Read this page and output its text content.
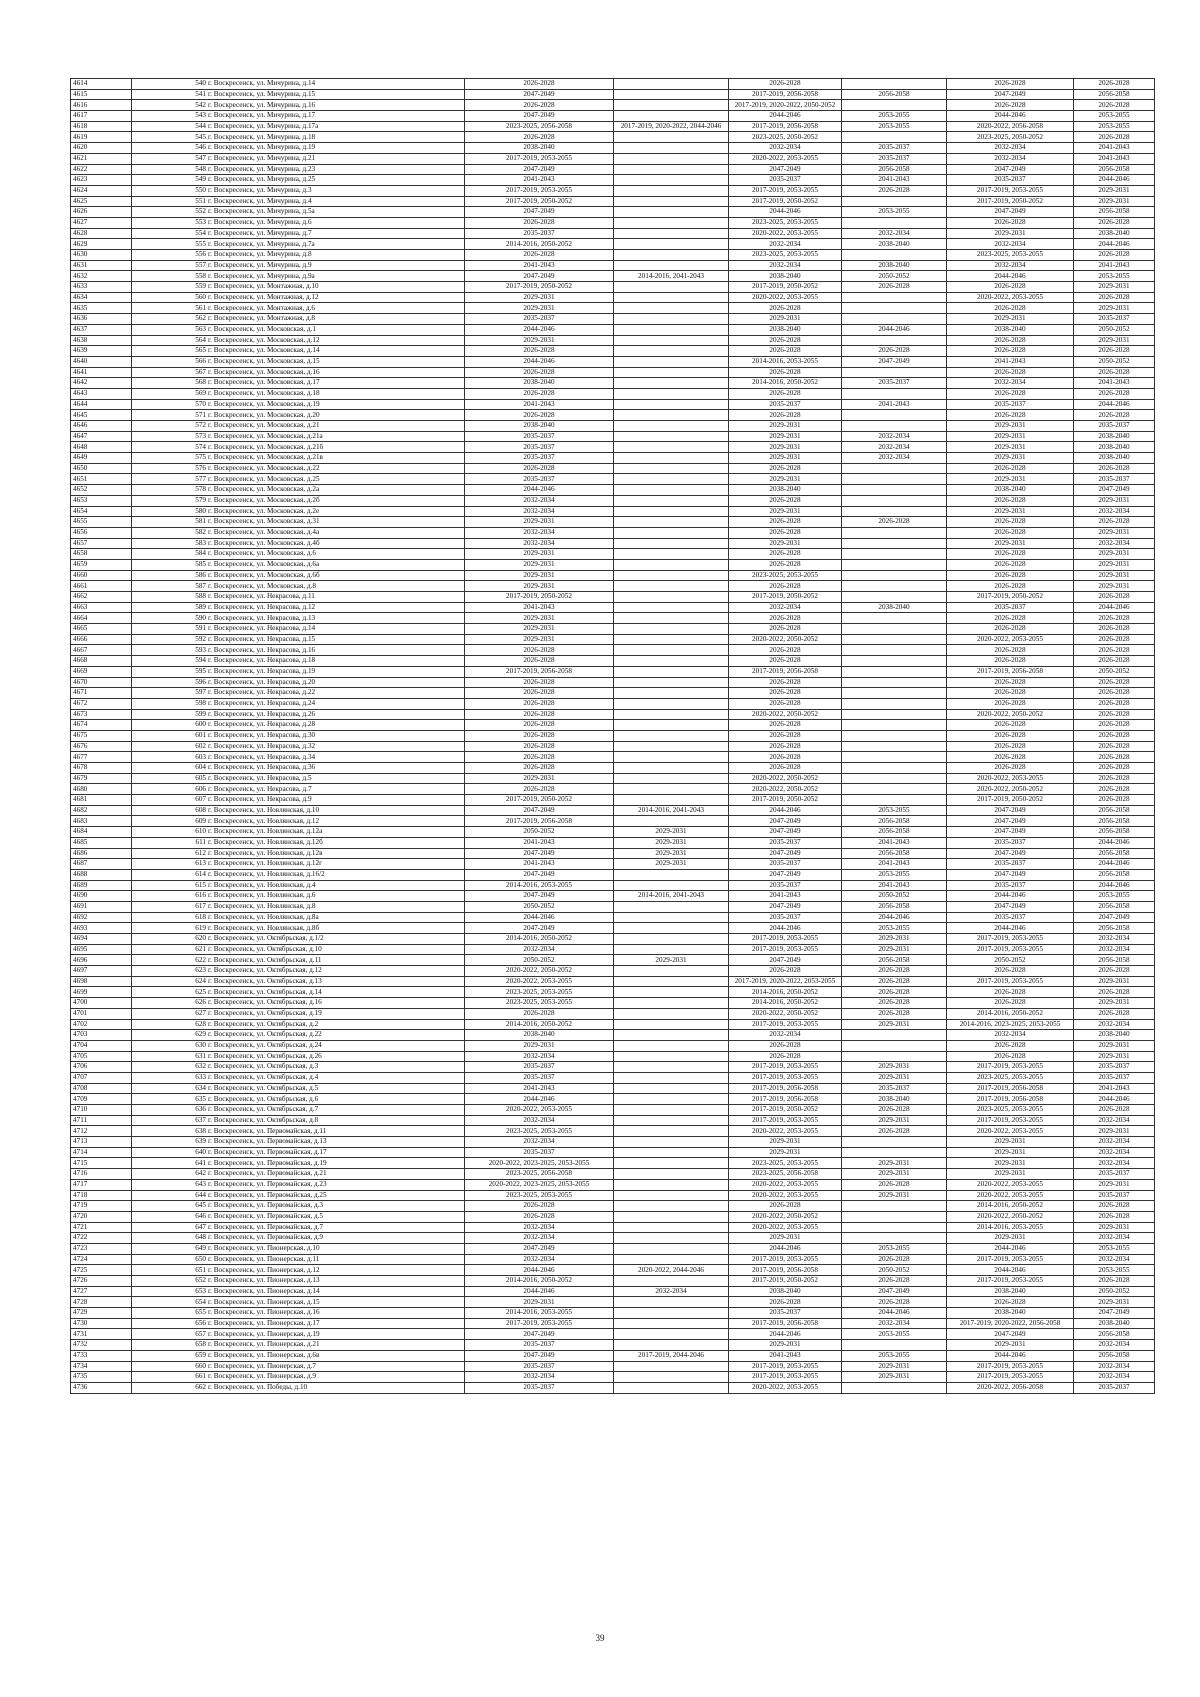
4614	540 г. Воскресенск, ул. Мичурина, д.14	2026-2028		2026-2028		2026-2028	2026-2028
4615	541 г. Воскресенск, ул. Мичурина, д.15	2047-2049		2017-2019, 2056-2058	2056-2058	2047-2049	2056-2058
4616	542 г. Воскресенск, ул. Мичурина, д.16	2026-2028		2017-2019, 2020-2022, 2050-2052		2026-2028	2026-2028
4617	543 г. Воскресенск, ул. Мичурина, д.17	2047-2049		2044-2046	2053-2055	2044-2046	2053-2055
4618	544 г. Воскресенск, ул. Мичурина, д.17а	2023-2025, 2056-2058	2017-2019, 2020-2022, 2044-2046	2017-2019, 2056-2058	2053-2055	2020-2022, 2056-2058	2053-2055
4619	545 г. Воскресенск, ул. Мичурина, д.18	2026-2028		2023-2025, 2050-2052		2023-2025, 2050-2052	2026-2028
4620	546 г. Воскресенск, ул. Мичурина, д.19	2038-2040		2032-2034	2035-2037	2032-2034	2041-2043
4621	547 г. Воскресенск, ул. Мичурина, д.21	2017-2019, 2053-2055		2020-2022, 2053-2055	2035-2037	2032-2034	2041-2043
4622	548 г. Воскресенск, ул. Мичурина, д.23	2047-2049		2047-2049	2056-2058	2047-2049	2056-2058
4623	549 г. Воскресенск, ул. Мичурина, д.25	2041-2043		2035-2037	2041-2043	2035-2037	2044-2046
4624	550 г. Воскресенск, ул. Мичурина, д.3	2017-2019, 2053-2055		2017-2019, 2053-2055	2026-2028	2017-2019, 2053-2055	2029-2031
4625	551 г. Воскресенск, ул. Мичурина, д.4	2017-2019, 2050-2052		2017-2019, 2050-2052		2017-2019, 2050-2052	2029-2031
4626	552 г. Воскресенск, ул. Мичурина, д.5а	2047-2049		2044-2046	2053-2055	2047-2049	2056-2058
4627	553 г. Воскресенск, ул. Мичурина, д.6	2026-2028		2023-2025, 2053-2055		2026-2028	2026-2028
4628	554 г. Воскресенск, ул. Мичурина, д.7	2035-2037		2020-2022, 2053-2055	2032-2034	2029-2031	2038-2040
4629	555 г. Воскресенск, ул. Мичурина, д.7а	2014-2016, 2050-2052		2032-2034	2038-2040	2032-2034	2044-2046
4630	556 г. Воскресенск, ул. Мичурина, д.8	2026-2028		2023-2025, 2053-2055		2023-2025, 2053-2055	2026-2028
4631	557 г. Воскресенск, ул. Мичурина, д.9	2041-2043		2032-2034	2038-2040	2032-2034	2041-2043
4632	558 г. Воскресенск, ул. Мичурина, д.9а	2047-2049	2014-2016, 2041-2043	2038-2040	2050-2052	2044-2046	2053-2055
4633	559 г. Воскресенск, ул. Монтажная, д.10	2017-2019, 2050-2052		2017-2019, 2050-2052	2026-2028	2026-2028	2029-2031
4634	560 г. Воскресенск, ул. Монтажная, д.12	2029-2031		2020-2022, 2053-2055		2020-2022, 2053-2055	2026-2028
4635	561 г. Воскресенск, ул. Монтажная, д.6	2029-2031		2026-2028		2026-2028	2029-2031
4636	562 г. Воскресенск, ул. Монтажная, д.8	2035-2037		2029-2031		2029-2031	2035-2037
4637	563 г. Воскресенск, ул. Московская, д.1	2044-2046		2038-2040	2044-2046	2038-2040	2050-2052
4638	564 г. Воскресенск, ул. Московская, д.12	2029-2031		2026-2028		2026-2028	2029-2031
4639	565 г. Воскресенск, ул. Московская, д.14	2026-2028		2026-2028	2026-2028	2026-2028	2026-2028
4640	566 г. Воскресенск, ул. Московская, д.15	2044-2046		2014-2016, 2053-2055	2047-2049	2041-2043	2050-2052
4641	567 г. Воскресенск, ул. Московская, д.16	2026-2028		2026-2028		2026-2028	2026-2028
4642	568 г. Воскресенск, ул. Московская, д.17	2038-2040		2014-2016, 2050-2052	2035-2037	2032-2034	2041-2043
4643	569 г. Воскресенск, ул. Московская, д.18	2026-2028		2026-2028		2026-2028	2026-2028
4644	570 г. Воскресенск, ул. Московская, д.19	2041-2043		2035-2037	2041-2043	2035-2037	2044-2046
4645	571 г. Воскресенск, ул. Московская, д.20	2026-2028		2026-2028		2026-2028	2026-2028
4646	572 г. Воскресенск, ул. Московская, д.21	2038-2040		2029-2031		2029-2031	2035-2037
4647	573 г. Воскресенск, ул. Московская, д.21а	2035-2037		2029-2031	2032-2034	2029-2031	2038-2040
4648	574 г. Воскресенск, ул. Московская, д.21б	2035-2037		2029-2031	2032-2034	2029-2031	2038-2040
4649	575 г. Воскресенск, ул. Московская, д.21в	2035-2037		2029-2031	2032-2034	2029-2031	2038-2040
4650	576 г. Воскресенск, ул. Московская, д.22	2026-2028		2026-2028		2026-2028	2026-2028
4651	577 г. Воскресенск, ул. Московская, д.25	2035-2037		2029-2031		2029-2031	2035-2037
4652	578 г. Воскресенск, ул. Московская, д.2а	2044-2046		2038-2040		2038-2040	2047-2049
4653	579 г. Воскресенск, ул. Московская, д.2б	2032-2034		2026-2028		2026-2028	2029-2031
4654	580 г. Воскресенск, ул. Московская, д.2е	2032-2034		2029-2031		2029-2031	2032-2034
4655	581 г. Воскресенск, ул. Московская, д.31	2029-2031		2026-2028	2026-2028	2026-2028	2026-2028
4656	582 г. Воскресенск, ул. Московская, д.4а	2032-2034		2026-2028		2026-2028	2029-2031
4657	583 г. Воскресенск, ул. Московская, д.4б	2032-2034		2029-2031		2029-2031	2032-2034
4658	584 г. Воскресенск, ул. Московская, д.6	2029-2031		2026-2028		2026-2028	2029-2031
4659	585 г. Воскресенск, ул. Московская, д.6а	2029-2031		2026-2028		2026-2028	2029-2031
4660	586 г. Воскресенск, ул. Московская, д.6б	2029-2031		2023-2025, 2053-2055		2026-2028	2029-2031
4661	587 г. Воскресенск, ул. Московская, д.8	2029-2031		2026-2028		2026-2028	2029-2031
4662	588 г. Воскресенск, ул. Некрасова, д.11	2017-2019, 2050-2052		2017-2019, 2050-2052		2017-2019, 2050-2052	2026-2028
4663	589 г. Воскресенск, ул. Некрасова, д.12	2041-2043		2032-2034	2038-2040	2035-2037	2044-2046
4664	590 г. Воскресенск, ул. Некрасова, д.13	2029-2031		2026-2028		2026-2028	2026-2028
4665	591 г. Воскресенск, ул. Некрасова, д.14	2029-2031		2026-2028		2026-2028	2026-2028
4666	592 г. Воскресенск, ул. Некрасова, д.15	2029-2031		2020-2022, 2050-2052		2020-2022, 2053-2055	2026-2028
4667	593 г. Воскресенск, ул. Некрасова, д.16	2026-2028		2026-2028		2026-2028	2026-2028
4668	594 г. Воскресенск, ул. Некрасова, д.18	2026-2028		2026-2028		2026-2028	2026-2028
4669	595 г. Воскресенск, ул. Некрасова, д.19	2017-2019, 2056-2058		2017-2019, 2056-2058		2017-2019, 2056-2058	2050-2052
4670	596 г. Воскресенск, ул. Некрасова, д.20	2026-2028		2026-2028		2026-2028	2026-2028
4671	597 г. Воскресенск, ул. Некрасова, д.22	2026-2028		2026-2028		2026-2028	2026-2028
4672	598 г. Воскресенск, ул. Некрасова, д.24	2026-2028		2026-2028		2026-2028	2026-2028
4673	599 г. Воскресенск, ул. Некрасова, д.26	2026-2028		2020-2022, 2050-2052		2020-2022, 2050-2052	2026-2028
4674	600 г. Воскресенск, ул. Некрасова, д.28	2026-2028		2026-2028		2026-2028	2026-2028
4675	601 г. Воскресенск, ул. Некрасова, д.30	2026-2028		2026-2028		2026-2028	2026-2028
4676	602 г. Воскресенск, ул. Некрасова, д.32	2026-2028		2026-2028		2026-2028	2026-2028
4677	603 г. Воскресенск, ул. Некрасова, д.34	2026-2028		2026-2028		2026-2028	2026-2028
4678	604 г. Воскресенск, ул. Некрасова, д.36	2026-2028		2026-2028		2026-2028	2026-2028
4679	605 г. Воскресенск, ул. Некрасова, д.5	2029-2031		2020-2022, 2050-2052		2020-2022, 2053-2055	2026-2028
4680	606 г. Воскресенск, ул. Некрасова, д.7	2026-2028		2020-2022, 2050-2052		2020-2022, 2050-2052	2026-2028
4681	607 г. Воскресенск, ул. Некрасова, д.9	2017-2019, 2050-2052		2017-2019, 2050-2052		2017-2019, 2050-2052	2026-2028
4682	608 г. Воскресенск, ул. Новлянская, д.10	2047-2049	2014-2016, 2041-2043	2044-2046	2053-2055	2047-2049	2056-2058
4683	609 г. Воскресенск, ул. Новлянская, д.12	2017-2019, 2056-2058		2047-2049	2056-2058	2047-2049	2056-2058
4684	610 г. Воскресенск, ул. Новлянская, д.12а	2050-2052	2029-2031	2047-2049	2056-2058	2047-2049	2056-2058
4685	611 г. Воскресенск, ул. Новлянская, д.12б	2041-2043	2029-2031	2035-2037	2041-2043	2035-2037	2044-2046
4686	612 г. Воскресенск, ул. Новлянская, д.12в	2047-2049	2029-2031	2047-2049	2056-2058	2047-2049	2056-2058
4687	613 г. Воскресенск, ул. Новлянская, д.12г	2041-2043	2029-2031	2035-2037	2041-2043	2035-2037	2044-2046
4688	614 г. Воскресенск, ул. Новлянская, д.16/2	2047-2049		2047-2049	2053-2055	2047-2049	2056-2058
4689	615 г. Воскресенск, ул. Новлянская, д.4	2014-2016, 2053-2055		2035-2037	2041-2043	2035-2037	2044-2046
4690	616 г. Воскресенск, ул. Новлянская, д.6	2047-2049	2014-2016, 2041-2043	2041-2043	2050-2052	2044-2046	2053-2055
4691	617 г. Воскресенск, ул. Новлянская, д.8	2050-2052		2047-2049	2056-2058	2047-2049	2056-2058
4692	618 г. Воскресенск, ул. Новлянская, д.8а	2044-2046		2035-2037	2044-2046	2035-2037	2047-2049
4693	619 г. Воскресенск, ул. Новлянская, д.8б	2047-2049		2044-2046	2053-2055	2044-2046	2056-2058
4694	620 г. Воскресенск, ул. Октябрьская, д.1/2	2014-2016, 2050-2052		2017-2019, 2053-2055	2029-2031	2017-2019, 2053-2055	2032-2034
4695	621 г. Воскресенск, ул. Октябрьская, д.10	2032-2034		2017-2019, 2053-2055	2029-2031	2017-2019, 2053-2055	2032-2034
4696	622 г. Воскресенск, ул. Октябрьская, д.11	2050-2052	2029-2031	2047-2049	2056-2058	2050-2052	2056-2058
4697	623 г. Воскресенск, ул. Октябрьская, д.12	2020-2022, 2050-2052		2026-2028	2026-2028	2026-2028	2026-2028
4698	624 г. Воскресенск, ул. Октябрьская, д.13	2020-2022, 2053-2055		2017-2019, 2020-2022, 2053-2055	2026-2028	2017-2019, 2053-2055	2029-2031
4699	625 г. Воскресенск, ул. Октябрьская, д.14	2023-2025, 2053-2055		2014-2016, 2050-2052	2026-2028	2026-2028	2026-2028
4700	626 г. Воскресенск, ул. Октябрьская, д.16	2023-2025, 2053-2055		2014-2016, 2050-2052	2026-2028	2026-2028	2029-2031
4701	627 г. Воскресенск, ул. Октябрьская, д.19	2026-2028		2020-2022, 2050-2052	2026-2028	2014-2016, 2050-2052	2026-2028
4702	628 г. Воскресенск, ул. Октябрьская, д.2	2014-2016, 2050-2052		2017-2019, 2053-2055	2029-2031	2014-2016, 2023-2025, 2053-2055	2032-2034
4703	629 г. Воскресенск, ул. Октябрьская, д.22	2038-2040		2032-2034		2032-2034	2038-2040
4704	630 г. Воскресенск, ул. Октябрьская, д.24	2029-2031		2026-2028		2026-2028	2029-2031
4705	631 г. Воскресенск, ул. Октябрьская, д.26	2032-2034		2026-2028		2026-2028	2029-2031
4706	632 г. Воскресенск, ул. Октябрьская, д.3	2035-2037		2017-2019, 2053-2055	2029-2031	2017-2019, 2053-2055	2035-2037
4707	633 г. Воскресенск, ул. Октябрьская, д.4	2035-2037		2017-2019, 2053-2055	2029-2031	2023-2025, 2053-2055	2035-2037
4708	634 г. Воскресенск, ул. Октябрьская, д.5	2041-2043		2017-2019, 2056-2058	2035-2037	2017-2019, 2056-2058	2041-2043
4709	635 г. Воскресенск, ул. Октябрьская, д.6	2044-2046		2017-2019, 2056-2058	2038-2040	2017-2019, 2056-2058	2044-2046
4710	636 г. Воскресенск, ул. Октябрьская, д.7	2020-2022, 2053-2055		2017-2019, 2050-2052	2026-2028	2023-2025, 2053-2055	2026-2028
4711	637 г. Воскресенск, ул. Октябрьская, д.8	2032-2034		2017-2019, 2053-2055	2029-2031	2017-2019, 2053-2055	2032-2034
4712	638 г. Воскресенск, ул. Первомайская, д.11	2023-2025, 2053-2055		2020-2022, 2053-2055	2026-2028	2020-2022, 2053-2055	2029-2031
4713	639 г. Воскресенск, ул. Первомайская, д.13	2032-2034		2029-2031		2029-2031	2032-2034
4714	640 г. Воскресенск, ул. Первомайская, д.17	2035-2037		2029-2031		2029-2031	2032-2034
4715	641 г. Воскресенск, ул. Первомайская, д.19	2020-2022, 2023-2025, 2053-2055		2023-2025, 2053-2055	2029-2031	2029-2031	2032-2034
4716	642 г. Воскресенск, ул. Первомайская, д.21	2023-2025, 2056-2058		2023-2025, 2056-2058	2029-2031	2029-2031	2035-2037
4717	643 г. Воскресенск, ул. Первомайская, д.23	2020-2022, 2023-2025, 2053-2055		2020-2022, 2053-2055	2026-2028	2020-2022, 2053-2055	2029-2031
4718	644 г. Воскресенск, ул. Первомайская, д.25	2023-2025, 2053-2055		2020-2022, 2053-2055	2029-2031	2020-2022, 2053-2055	2035-2037
4719	645 г. Воскресенск, ул. Первомайская, д.3	2026-2028		2026-2028		2014-2016, 2050-2052	2026-2028
4720	646 г. Воскресенск, ул. Первомайская, д.5	2026-2028		2020-2022, 2050-2052		2020-2022, 2050-2052	2026-2028
4721	647 г. Воскресенск, ул. Первомайская, д.7	2032-2034		2020-2022, 2053-2055		2014-2016, 2053-2055	2029-2031
4722	648 г. Воскресенск, ул. Первомайская, д.9	2032-2034		2029-2031		2029-2031	2032-2034
4723	649 г. Воскресенск, ул. Пионерская, д.10	2047-2049		2044-2046	2053-2055	2044-2046	2053-2055
4724	650 г. Воскресенск, ул. Пионерская, д.11	2032-2034		2017-2019, 2053-2055	2026-2028	2017-2019, 2053-2055	2032-2034
4725	651 г. Воскресенск, ул. Пионерская, д.12	2044-2046	2020-2022, 2044-2046	2017-2019, 2056-2058	2050-2052	2044-2046	2053-2055
4726	652 г. Воскресенск, ул. Пионерская, д.13	2014-2016, 2050-2052		2017-2019, 2050-2052	2026-2028	2017-2019, 2053-2055	2026-2028
4727	653 г. Воскресенск, ул. Пионерская, д.14	2044-2046	2032-2034	2038-2040	2047-2049	2038-2040	2050-2052
4728	654 г. Воскресенск, ул. Пионерская, д.15	2029-2031		2026-2028	2026-2028	2026-2028	2029-2031
4729	655 г. Воскресенск, ул. Пионерская, д.16	2014-2016, 2053-2055		2035-2037	2044-2046	2038-2040	2047-2049
4730	656 г. Воскресенск, ул. Пионерская, д.17	2017-2019, 2053-2055		2017-2019, 2056-2058	2032-2034	2017-2019, 2020-2022, 2056-2058	2038-2040
4731	657 г. Воскресенск, ул. Пионерская, д.19	2047-2049		2044-2046	2053-2055	2047-2049	2056-2058
4732	658 г. Воскресенск, ул. Пионерская, д.21	2035-2037		2029-2031		2029-2031	2032-2034
4733	659 г. Воскресенск, ул. Пионерская, д.6в	2047-2049	2017-2019, 2044-2046	2041-2043	2053-2055	2044-2046	2056-2058
4734	660 г. Воскресенск, ул. Пионерская, д.7	2035-2037		2017-2019, 2053-2055	2029-2031	2017-2019, 2053-2055	2032-2034
4735	661 г. Воскресенск, ул. Пионерская, д.9	2032-2034		2017-2019, 2053-2055	2029-2031	2017-2019, 2053-2055	2032-2034
4736	662 г. Воскресенск, ул. Победы, д.10	2035-2037		2020-2022, 2053-2055		2020-2022, 2056-2058	2035-2037
39
